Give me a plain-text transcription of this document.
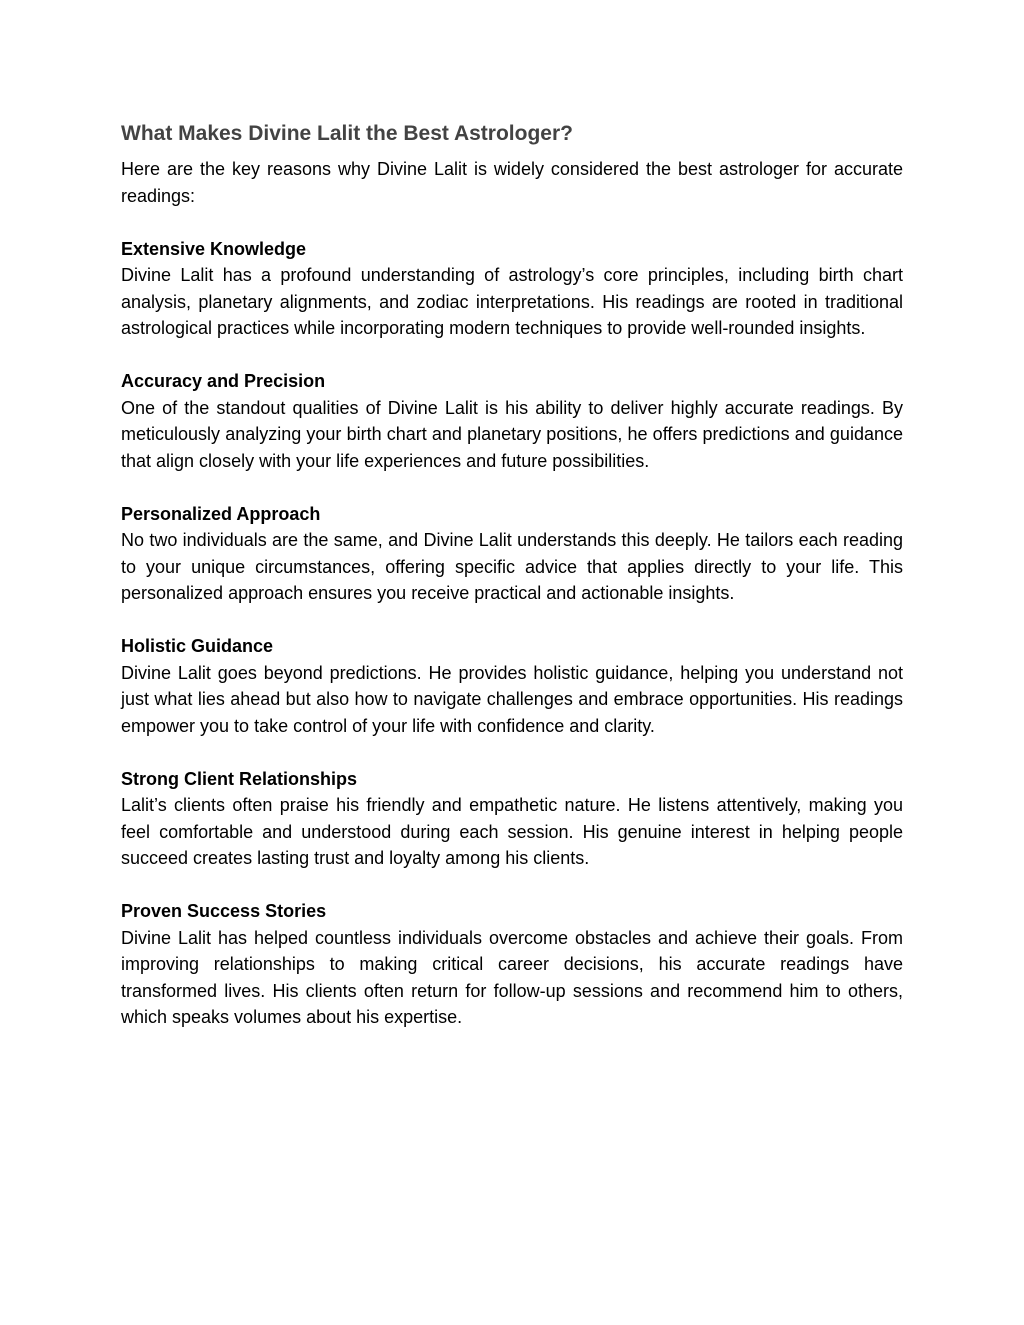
What Makes Divine Lalit the Best Astrologer?

Here are the key reasons why Divine Lalit is widely considered the best astrologer for accurate readings:

Extensive Knowledge

Divine Lalit has a profound understanding of astrology’s core principles, including birth chart analysis, planetary alignments, and zodiac interpretations. His readings are rooted in traditional astrological practices while incorporating modern techniques to provide well-rounded insights.

Accuracy and Precision

One of the standout qualities of Divine Lalit is his ability to deliver highly accurate readings. By meticulously analyzing your birth chart and planetary positions, he offers predictions and guidance that align closely with your life experiences and future possibilities.

Personalized Approach

No two individuals are the same, and Divine Lalit understands this deeply. He tailors each reading to your unique circumstances, offering specific advice that applies directly to your life. This personalized approach ensures you receive practical and actionable insights.

Holistic Guidance

Divine Lalit goes beyond predictions. He provides holistic guidance, helping you understand not just what lies ahead but also how to navigate challenges and embrace opportunities. His readings empower you to take control of your life with confidence and clarity.

Strong Client Relationships

Lalit’s clients often praise his friendly and empathetic nature. He listens attentively, making you feel comfortable and understood during each session. His genuine interest in helping people succeed creates lasting trust and loyalty among his clients.

Proven Success Stories

Divine Lalit has helped countless individuals overcome obstacles and achieve their goals. From improving relationships to making critical career decisions, his accurate readings have transformed lives. His clients often return for follow-up sessions and recommend him to others, which speaks volumes about his expertise.
